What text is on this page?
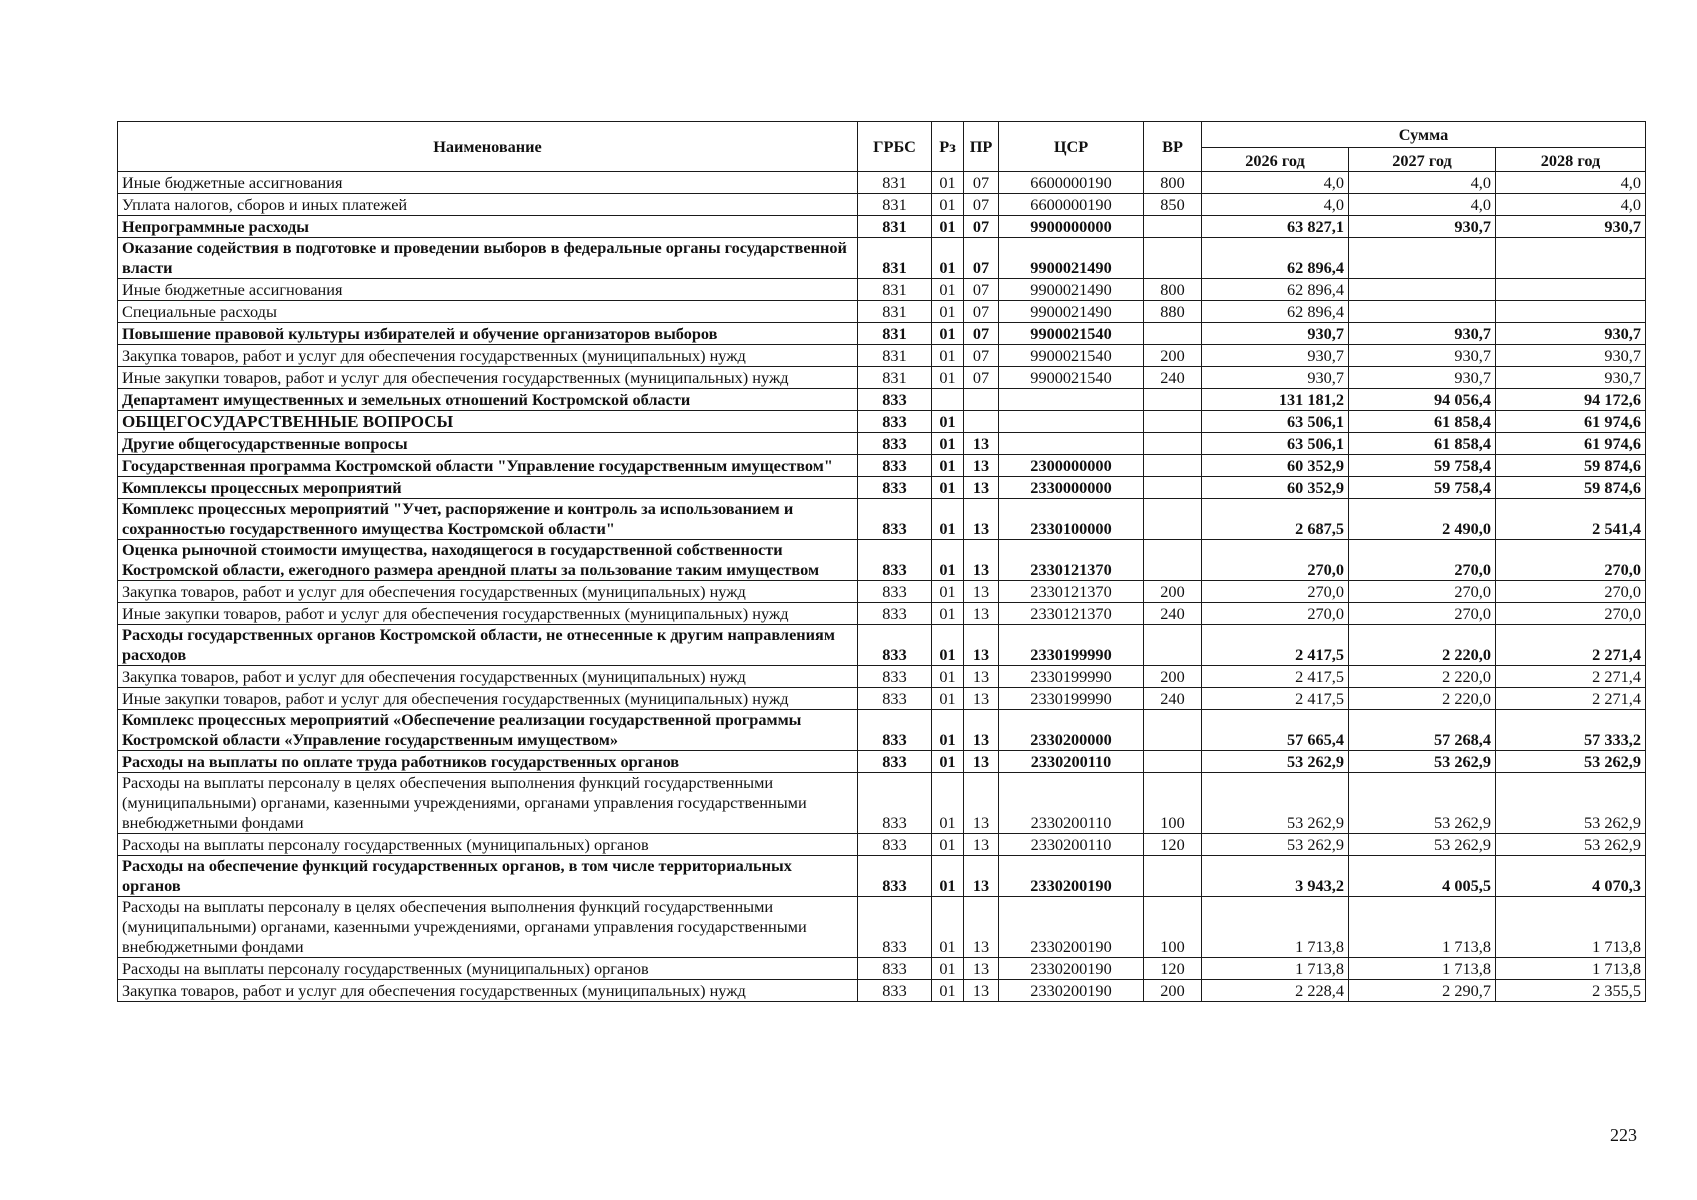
Наименование	ГРБС	Рз	ПР	ЦСР	ВР	Сумма		
						2026 год	2027 год	2028 год
Иные бюджетные ассигнования	831	01	07	6600000190	800	4,0	4,0	4,0
Уплата налогов, сборов и иных платежей	831	01	07	6600000190	850	4,0	4,0	4,0
Непрограммные расходы	831	01	07	9900000000		63 827,1	930,7	930,7
Оказание содействия в подготовке и проведении выборов в федеральные органы государственной власти	831	01	07	9900021490		62 896,4		
Иные бюджетные ассигнования	831	01	07	9900021490	800	62 896,4		
Специальные расходы	831	01	07	9900021490	880	62 896,4		
Повышение правовой культуры избирателей и обучение организаторов выборов	831	01	07	9900021540		930,7	930,7	930,7
Закупка товаров, работ и услуг для обеспечения государственных (муниципальных) нужд	831	01	07	9900021540	200	930,7	930,7	930,7
Иные закупки товаров, работ и услуг для обеспечения государственных (муниципальных) нужд	831	01	07	9900021540	240	930,7	930,7	930,7
Департамент имущественных и земельных отношений Костромской области	833					131 181,2	94 056,4	94 172,6
ОБЩЕГОСУДАРСТВЕННЫЕ ВОПРОСЫ	833	01				63 506,1	61 858,4	61 974,6
Другие общегосударственные вопросы	833	01	13			63 506,1	61 858,4	61 974,6
Государственная программа Костромской области "Управление государственным имуществом"	833	01	13	2300000000		60 352,9	59 758,4	59 874,6
Комплексы процессных мероприятий	833	01	13	2330000000		60 352,9	59 758,4	59 874,6
Комплекс процессных мероприятий "Учет, распоряжение и контроль за использованием и сохранностью государственного имущества Костромской области"	833	01	13	2330100000		2 687,5	2 490,0	2 541,4
Оценка рыночной стоимости имущества, находящегося в государственной собственности Костромской области, ежегодного размера арендной платы за пользование таким имуществом	833	01	13	2330121370		270,0	270,0	270,0
Закупка товаров, работ и услуг для обеспечения государственных (муниципальных) нужд	833	01	13	2330121370	200	270,0	270,0	270,0
Иные закупки товаров, работ и услуг для обеспечения государственных (муниципальных) нужд	833	01	13	2330121370	240	270,0	270,0	270,0
Расходы государственных органов Костромской области, не отнесенные к другим направлениям расходов	833	01	13	2330199990		2 417,5	2 220,0	2 271,4
Закупка товаров, работ и услуг для обеспечения государственных (муниципальных) нужд	833	01	13	2330199990	200	2 417,5	2 220,0	2 271,4
Иные закупки товаров, работ и услуг для обеспечения государственных (муниципальных) нужд	833	01	13	2330199990	240	2 417,5	2 220,0	2 271,4
Комплекс процессных мероприятий «Обеспечение реализации государственной программы Костромской области «Управление государственным имуществом»	833	01	13	2330200000		57 665,4	57 268,4	57 333,2
Расходы на выплаты по оплате труда работников государственных органов	833	01	13	2330200110		53 262,9	53 262,9	53 262,9
Расходы на выплаты персоналу в целях обеспечения выполнения функций государственными (муниципальными) органами, казенными учреждениями, органами управления государственными внебюджетными фондами	833	01	13	2330200110	100	53 262,9	53 262,9	53 262,9
Расходы на выплаты персоналу государственных (муниципальных) органов	833	01	13	2330200110	120	53 262,9	53 262,9	53 262,9
Расходы на обеспечение функций государственных органов, в том числе территориальных органов	833	01	13	2330200190		3 943,2	4 005,5	4 070,3
Расходы на выплаты персоналу в целях обеспечения выполнения функций государственными (муниципальными) органами, казенными учреждениями, органами управления государственными внебюджетными фондами	833	01	13	2330200190	100	1 713,8	1 713,8	1 713,8
Расходы на выплаты персоналу государственных (муниципальных) органов	833	01	13	2330200190	120	1 713,8	1 713,8	1 713,8
Закупка товаров, работ и услуг для обеспечения государственных (муниципальных) нужд	833	01	13	2330200190	200	2 228,4	2 290,7	2 355,5
223
